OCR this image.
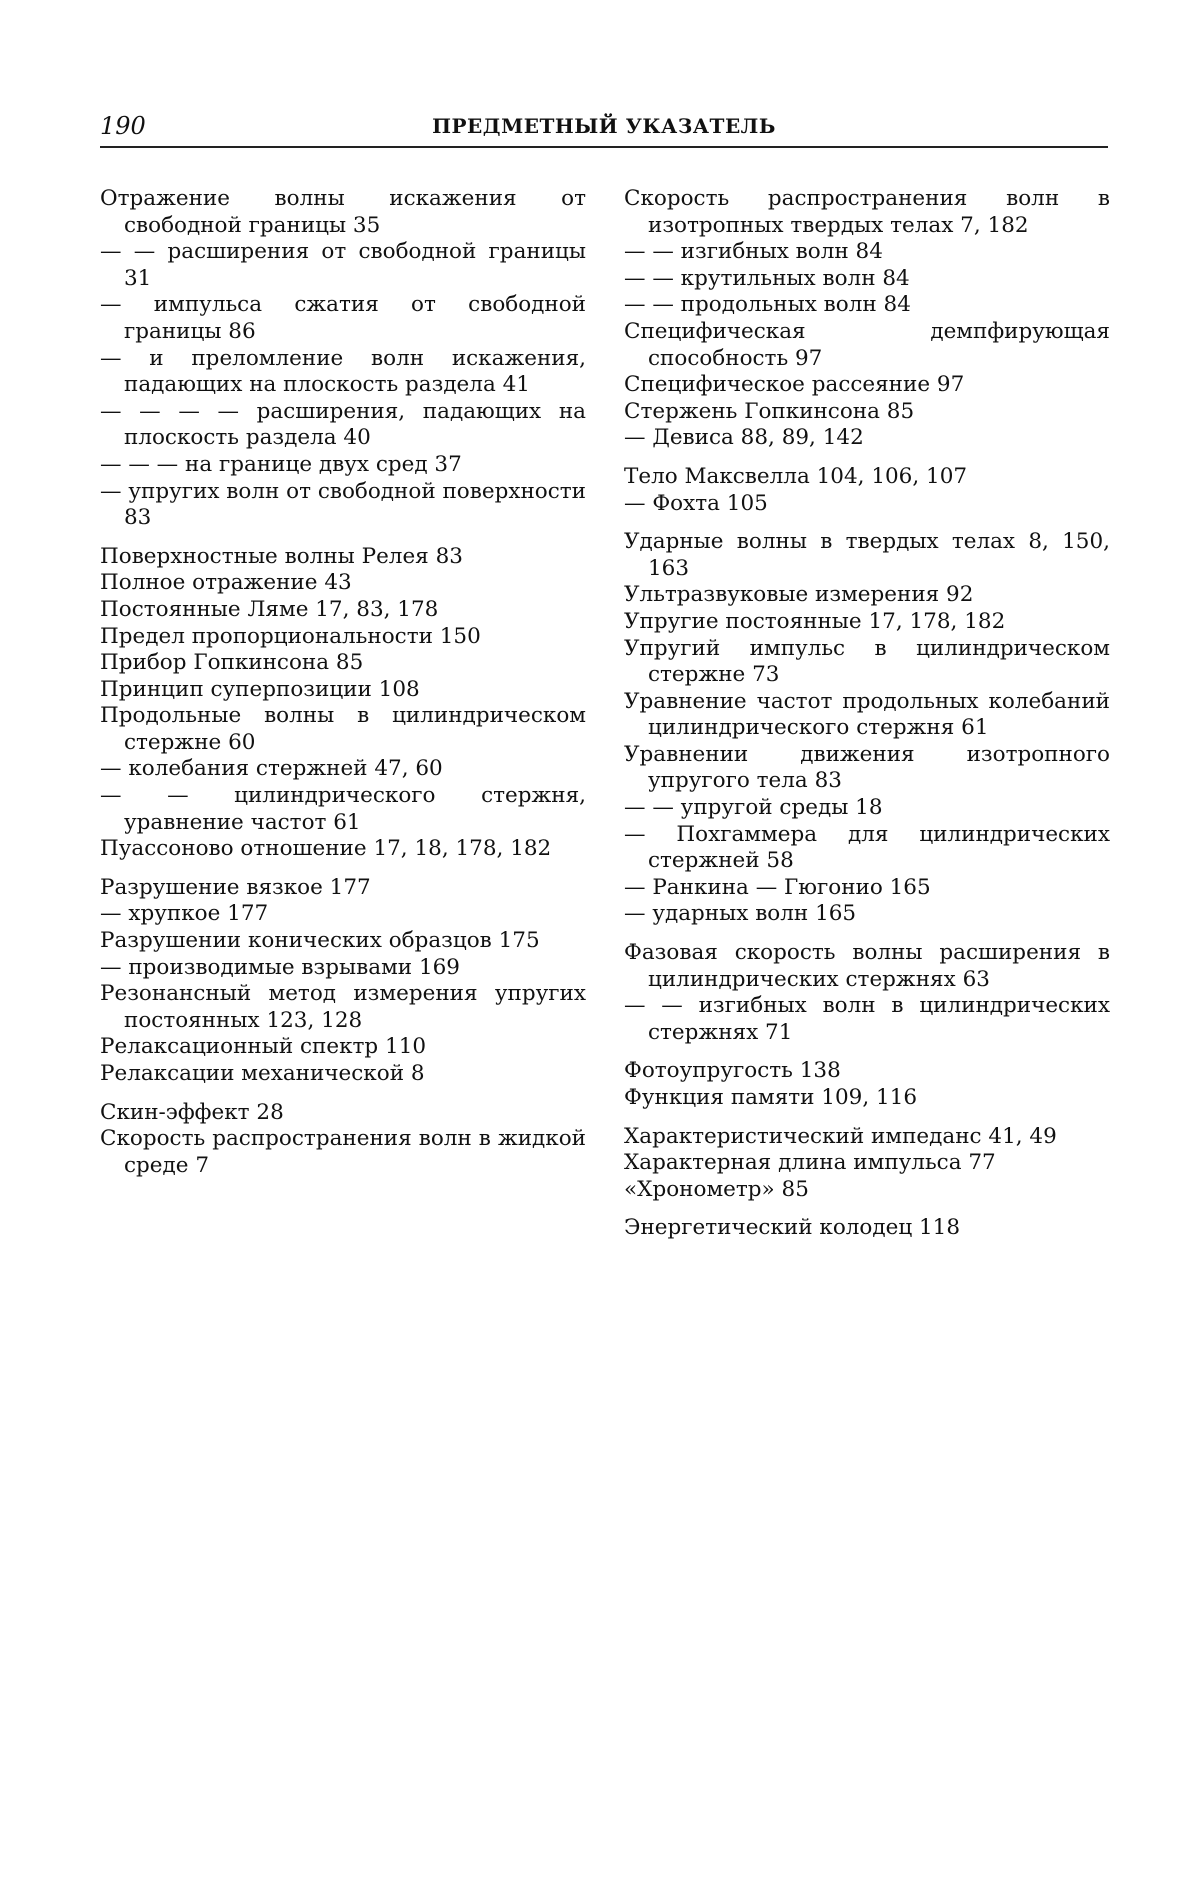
190	ПРЕДМЕТНЫЙ УКАЗАТЕЛЬ
Отражение волны искажения от свободной границы 35
— — расширения от свободной границы 31
— импульса сжатия от свободной границы 86
— и преломление волн искажения, падающих на плоскость раздела 41
— — — — расширения, падающих на плоскость раздела 40
— — — на границе двух сред 37
— упругих волн от свободной поверхности 83
Поверхностные волны Релея 83
Полное отражение 43
Постоянные Ляме 17, 83, 178
Предел пропорциональности 150
Прибор Гопкинсона 85
Принцип суперпозиции 108
Продольные волны в цилиндрическом стержне 60
— колебания стержней 47, 60
— — цилиндрического стержня, уравнение частот 61
Пуассоново отношение 17, 18, 178, 182
Разрушение вязкое 177
— хрупкое 177
Разрушении конических образцов 175
— производимые взрывами 169
Резонансный метод измерения упругих постоянных 123, 128
Релаксационный спектр 110
Релаксации механической 8
Скин-эффект 28
Скорость распространения волн в жидкой среде 7
Скорость распространения волн в изотропных твердых телах 7, 182
— — изгибных волн 84
— — крутильных волн 84
— — продольных волн 84
Специфическая демпфирующая способность 97
Специфическое рассеяние 97
Стержень Гопкинсона 85
— Девиса 88, 89, 142
Тело Максвелла 104, 106, 107
— Фохта 105
Ударные волны в твердых телах 8, 150, 163
Ультразвуковые измерения 92
Упругие постоянные 17, 178, 182
Упругий импульс в цилиндрическом стержне 73
Уравнение частот продольных колебаний цилиндрического стержня 61
Уравнении движения изотропного упругого тела 83
— — упругой среды 18
— Похгаммера для цилиндрических стержней 58
— Ранкина — Гюгонио 165
— ударных волн 165
Фазовая скорость волны расширения в цилиндрических стержнях 63
— — изгибных волн в цилиндрических стержнях 71
Фотоупругость 138
Функция памяти 109, 116
Характеристический импеданс 41, 49
Характерная длина импульса 77
«Хронометр» 85
Энергетический колодец 118
